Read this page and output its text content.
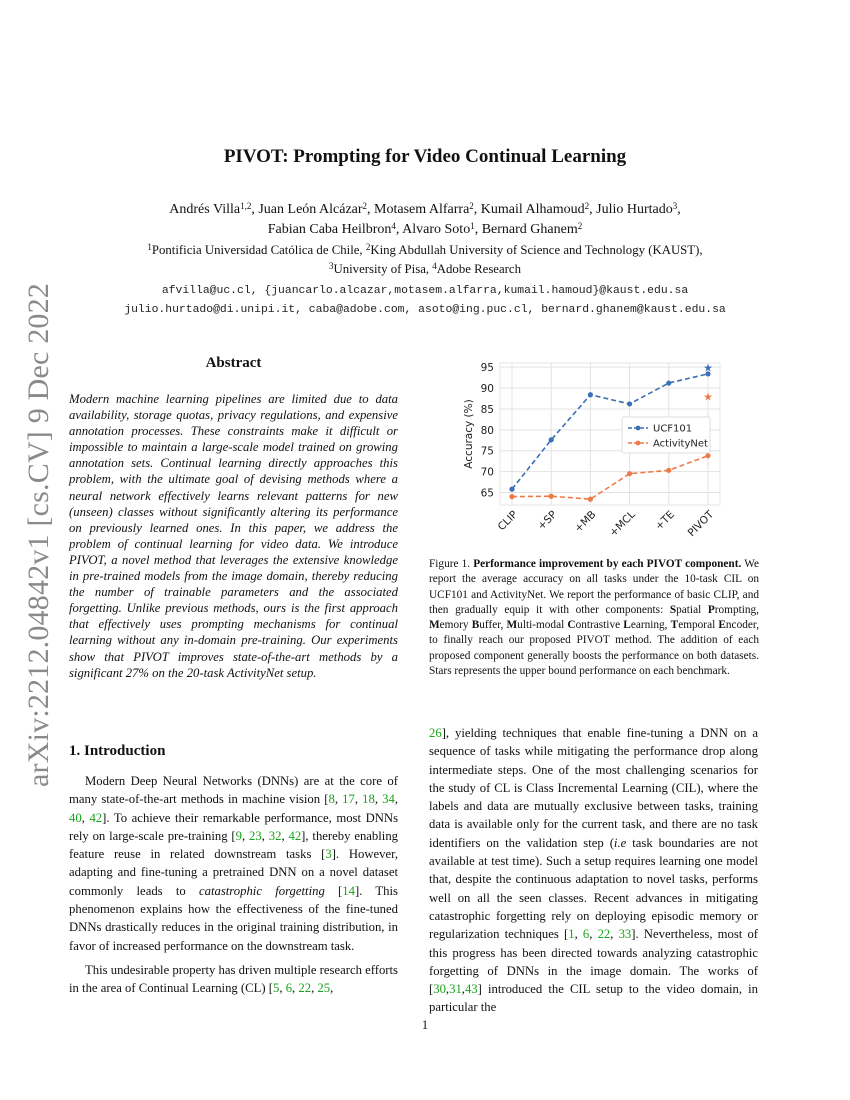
arXiv:2212.04842v1 [cs.CV] 9 Dec 2022
PIVOT: Prompting for Video Continual Learning
Andrés Villa$^{1,2}$, Juan León Alcázar$^2$, Motasem Alfarra$^2$, Kumail Alhamoud$^2$, Julio Hurtado$^3$,
Fabian Caba Heilbron$^4$, Alvaro Soto$^1$, Bernard Ghanem$^2$
$^1$Pontificia Universidad Católica de Chile, $^2$King Abdullah University of Science and Technology (KAUST),
$^3$University of Pisa, $^4$Adobe Research
afvilla@uc.cl, {juancarlo.alcazar,motasem.alfarra,kumail.hamoud}@kaust.edu.sa
julio.hurtado@di.unipi.it, caba@adobe.com, asoto@ing.puc.cl, bernard.ghanem@kaust.edu.sa
Abstract
Modern machine learning pipelines are limited due to data availability, storage quotas, privacy regulations, and expensive annotation processes. These constraints make it difficult or impossible to maintain a large-scale model trained on growing annotation sets. Continual learning directly approaches this problem, with the ultimate goal of devising methods where a neural network effectively learns relevant patterns for new (unseen) classes without significantly altering its performance on previously learned ones. In this paper, we address the problem of continual learning for video data. We introduce PIVOT, a novel method that leverages the extensive knowledge in pre-trained models from the image domain, thereby reducing the number of trainable parameters and the associated forgetting. Unlike previous methods, ours is the first approach that effectively uses prompting mechanisms for continual learning without any in-domain pre-training. Our experiments show that PIVOT improves state-of-the-art methods by a significant 27% on the 20-task ActivityNet setup.
1. Introduction

Modern Deep Neural Networks (DNNs) are at the core of many state-of-the-art methods in machine vision [8, 17, 18, 34, 40, 42]. To achieve their remarkable performance, most DNNs rely on large-scale pre-training [9, 23, 32, 42], thereby enabling feature reuse in related downstream tasks [3]. However, adapting and fine-tuning a pretrained DNN on a novel dataset commonly leads to catastrophic forgetting [14]. This phenomenon explains how the effectiveness of the fine-tuned DNNs drastically reduces in the original training distribution, in favor of increased performance on the downstream task.

This undesirable property has driven multiple research efforts in the area of Continual Learning (CL) [5, 6, 22, 25,

26], yielding techniques that enable fine-tuning a DNN on a sequence of tasks while mitigating the performance drop along intermediate steps. One of the most challenging scenarios for the study of CL is Class Incremental Learning (CIL), where the labels and data are mutually exclusive between tasks, training data is available only for the current task, and there are no task identifiers on the validation step (i.e task boundaries are not available at test time). Such a setup requires learning one model that, despite the continuous adaptation to novel tasks, performs well on all the seen classes. Recent advances in mitigating catastrophic forgetting rely on deploying episodic memory or regularization techniques [1, 6, 22, 33]. Nevertheless, most of this progress has been directed towards analyzing catastrophic forgetting of DNNs in the image domain. The works of [30,31,43] introduced the CIL setup to the video domain, in particular the

65
70
75
80
85
90
95
CLIP +SP +MB +MCL +TE PIVOT
Accuracy (%)
★
★
UCF101
ActivityNet
Figure 1. Performance improvement by each PIVOT component. We report the average accuracy on all tasks under the 10-task CIL on UCF101 and ActivityNet. We report the performance of basic CLIP, and then gradually equip it with other components: Spatial Prompting, Memory Buffer, Multi-modal Contrastive Learning, Temporal Encoder, to finally reach our proposed PIVOT method. The addition of each proposed component generally boosts the performance on both datasets. Stars represents the upper bound performance on each benchmark.
1
